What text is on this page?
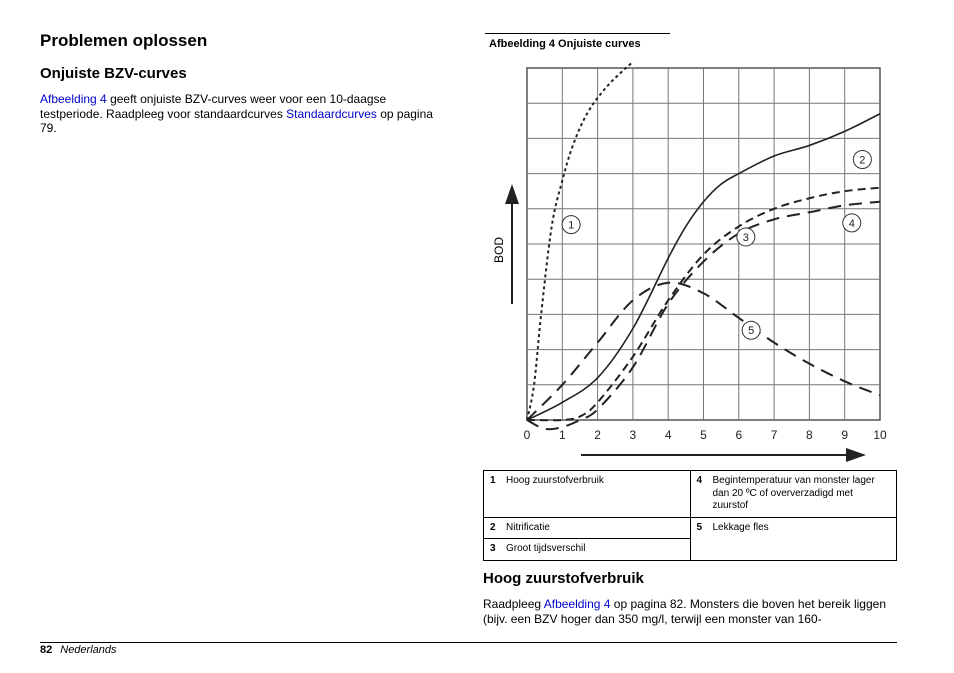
Problemen oplossen
Onjuiste BZV-curves

Afbeelding 4 geeft onjuiste BZV-curves weer voor een 10-daagse testperiode. Raadpleeg voor standaardcurves Standaardcurves op pagina 79.

Afbeelding 4 Onjuiste curves

BOD
0 1 2 3 4 5 6 7 8 9 10
1
2
3
4
5
1 Hoog zuurstofverbruik	4 Begintemperatuur van monster lager dan 20 ºC of oververzadigd met zuurstof
2 Nitrificatie	5 Lekkage fles
3 Groot tijdsverschil	
Hoog zuurstofverbruik

Raadpleeg Afbeelding 4 op pagina 82. Monsters die boven het bereik liggen (bijv. een BZV hoger dan 350 mg/l, terwijl een monster van 160-

82 Nederlands
